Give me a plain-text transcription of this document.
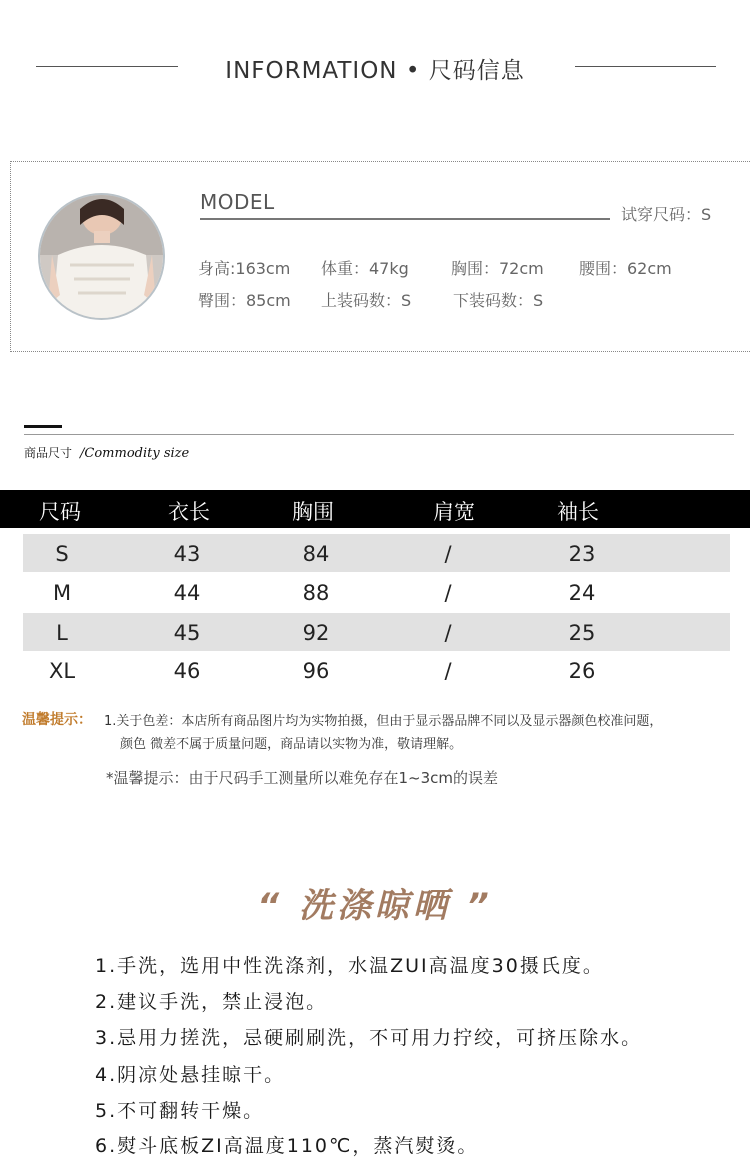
INFORMATION • 尺码信息
MODEL
试穿尺码：S
身高:163cm 体重：47kg	胸围：72cm 腰围：62cm
臀围：85cm 上装码数：S	下装码数：S
商品尺寸 /Commodity size
尺码	衣长	胸围	肩宽	袖长
S	43	84	/	23
M	44	88	/	24
L	45	92	/	25
XL	46	96	/	26
温馨提示： 1.关于色差：本店所有商品图片均为实物拍摄，但由于显示器品牌不同以及显示器颜色校准问题，
颜色 微差不属于质量问题，商品请以实物为准，敬请理解。
*温馨提示：由于尺码手工测量所以难免存在1~3cm的误差
“ 洗涤晾晒 ”
1.手洗，选用中性洗涤剂，水温ZUI高温度30摄氏度。
2.建议手洗，禁止浸泡。
3.忌用力搓洗，忌硬刷刷洗，不可用力拧绞，可挤压除水。
4.阴凉处悬挂晾干。
5.不可翻转干燥。
6.熨斗底板ZI高温度110℃，蒸汽熨烫。
